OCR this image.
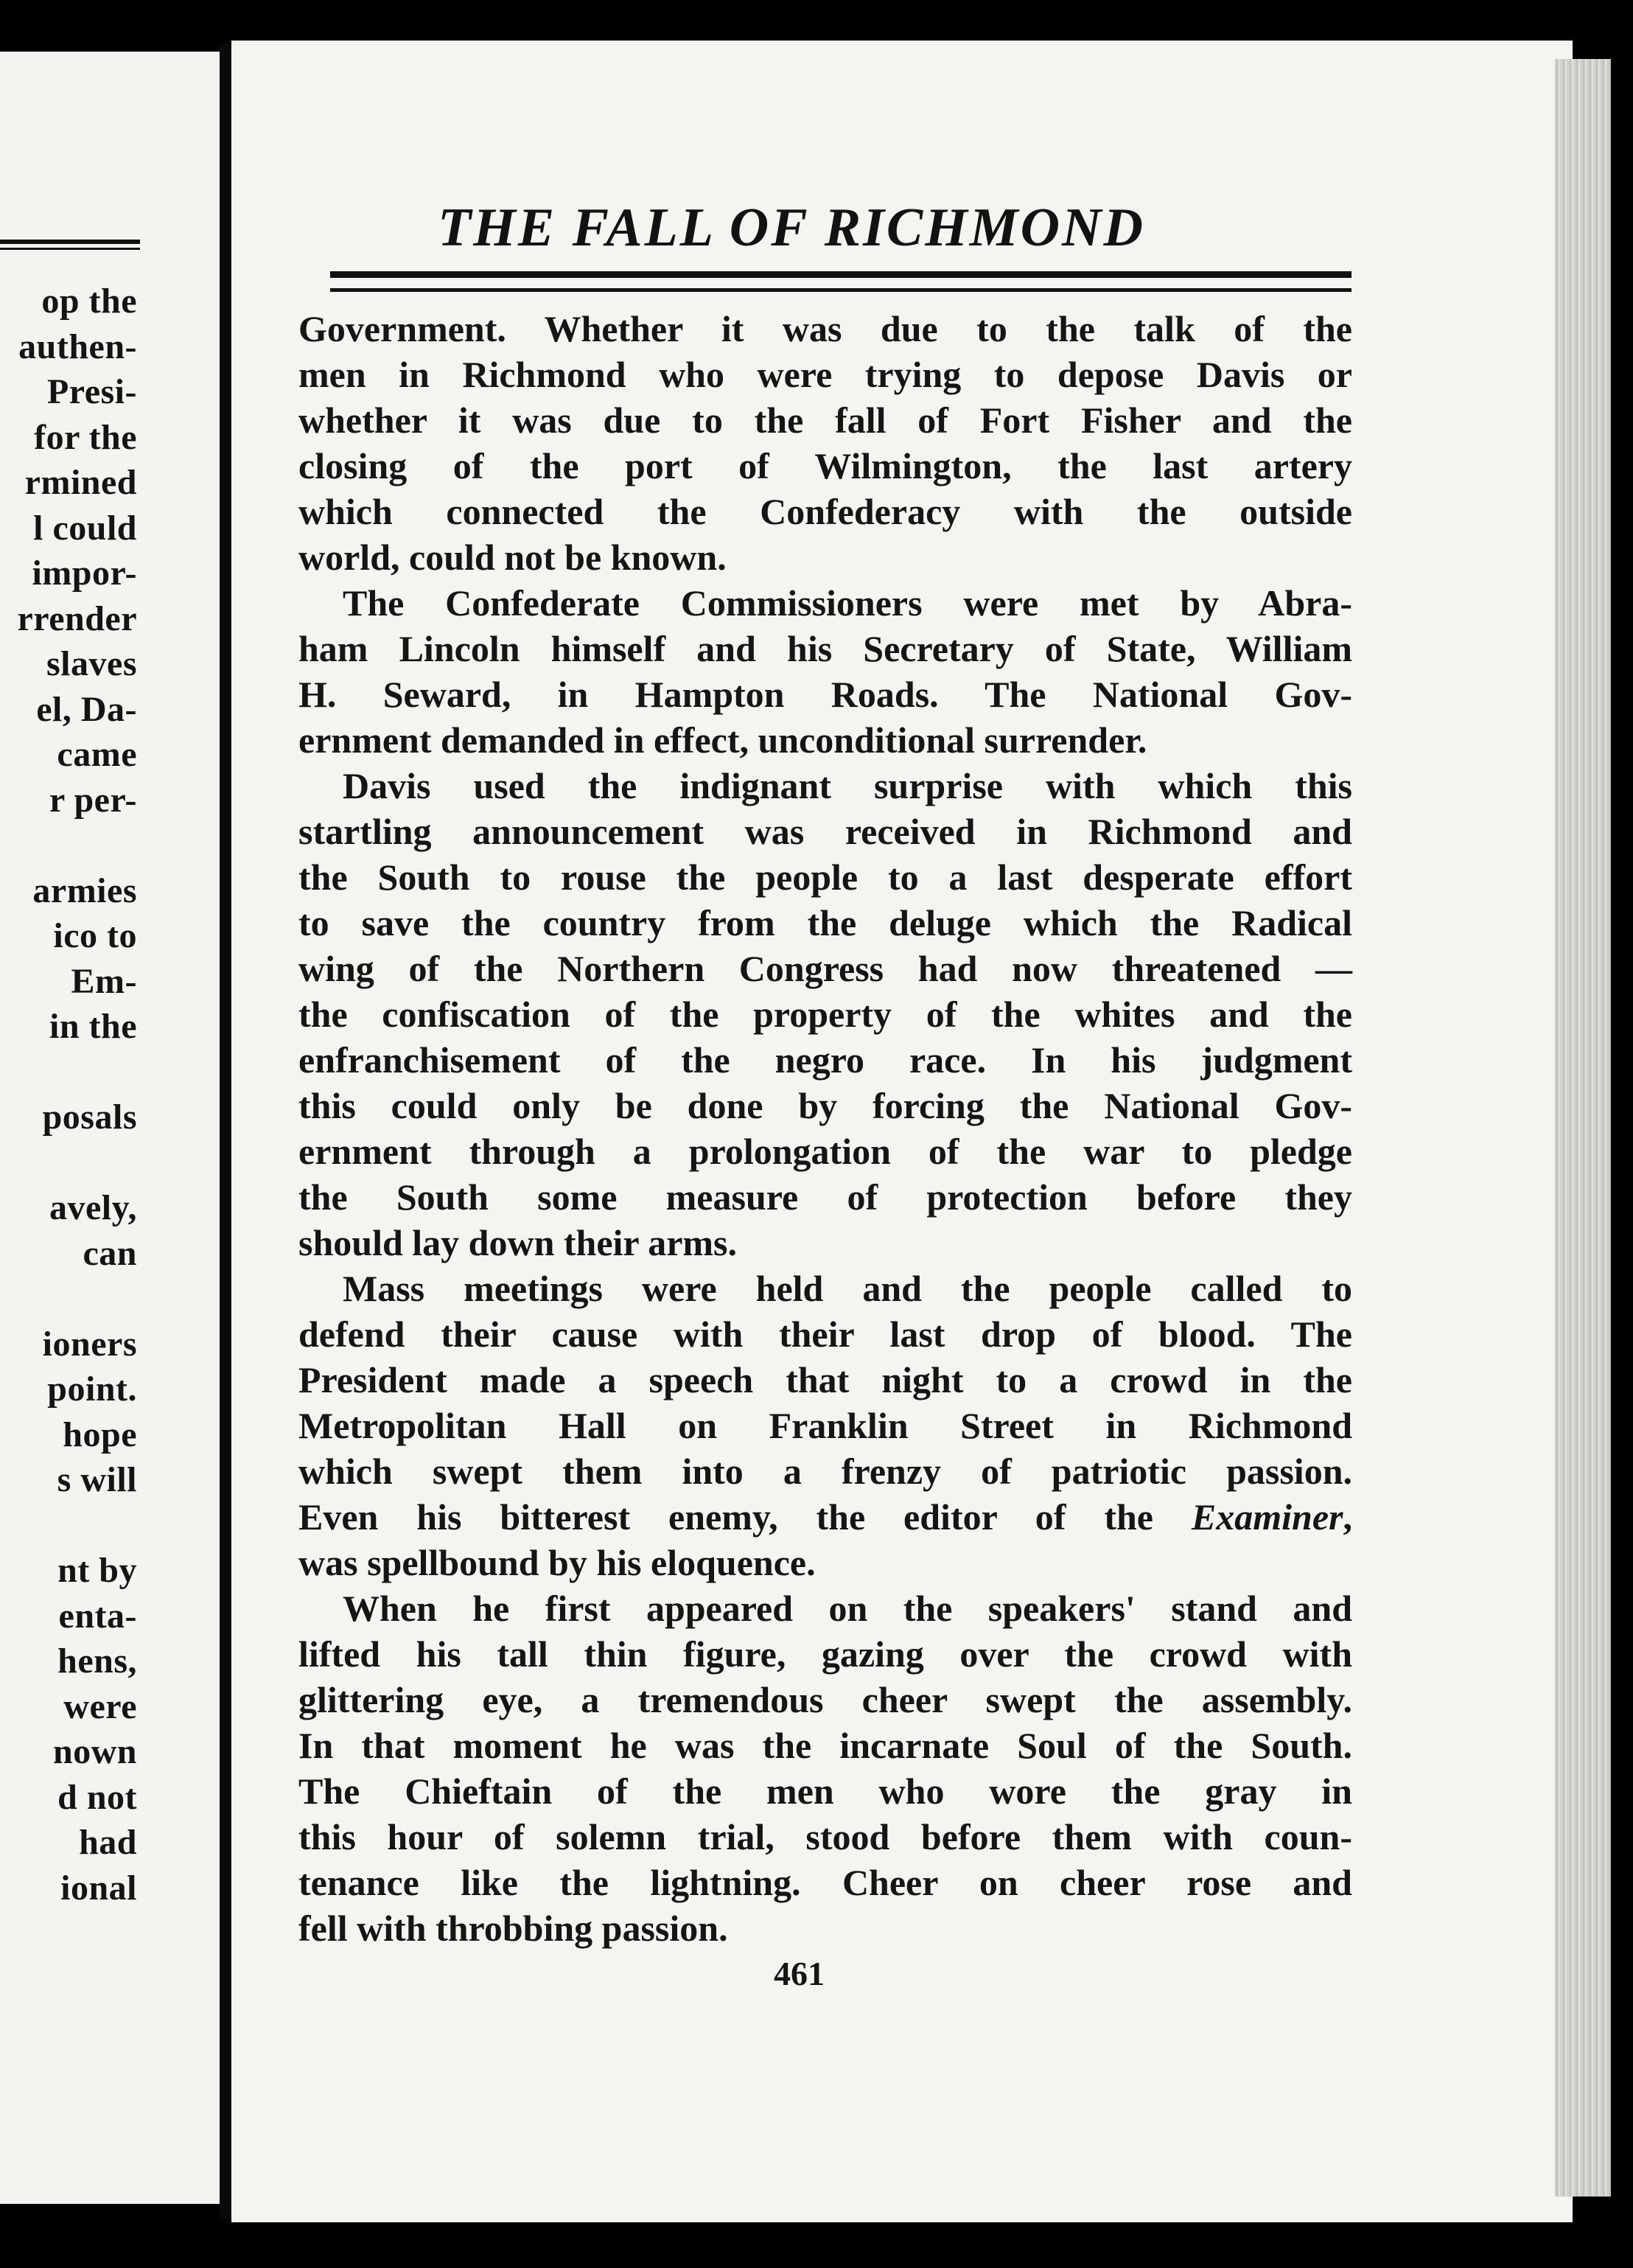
op the
authen-
Presi-
for the
rmined
l could
impor-
rrender
slaves
el, Da-
came
r per-
armies
ico to
Em-
in the
posals
avely,
can
ioners
point.
hope
s will
nt by
enta-
hens,
were
nown
d not
had
ional
THE FALL OF RICHMOND
Government. Whether it was due to the talk of the
men in Richmond who were trying to depose Davis or
whether it was due to the fall of Fort Fisher and the
closing of the port of Wilmington, the last artery
which connected the Confederacy with the outside
world, could not be known.
The Confederate Commissioners were met by Abra-
ham Lincoln himself and his Secretary of State, William
H. Seward, in Hampton Roads. The National Gov-
ernment demanded in effect, unconditional surrender.
Davis used the indignant surprise with which this
startling announcement was received in Richmond and
the South to rouse the people to a last desperate effort
to save the country from the deluge which the Radical
wing of the Northern Congress had now threatened —
the confiscation of the property of the whites and the
enfranchisement of the negro race. In his judgment
this could only be done by forcing the National Gov-
ernment through a prolongation of the war to pledge
the South some measure of protection before they
should lay down their arms.
Mass meetings were held and the people called to
defend their cause with their last drop of blood. The
President made a speech that night to a crowd in the
Metropolitan Hall on Franklin Street in Richmond
which swept them into a frenzy of patriotic passion.
Even his bitterest enemy, the editor of the Examiner,
was spellbound by his eloquence.
When he first appeared on the speakers' stand and
lifted his tall thin figure, gazing over the crowd with
glittering eye, a tremendous cheer swept the assembly.
In that moment he was the incarnate Soul of the South.
The Chieftain of the men who wore the gray in
this hour of solemn trial, stood before them with coun-
tenance like the lightning. Cheer on cheer rose and
fell with throbbing passion.
461
